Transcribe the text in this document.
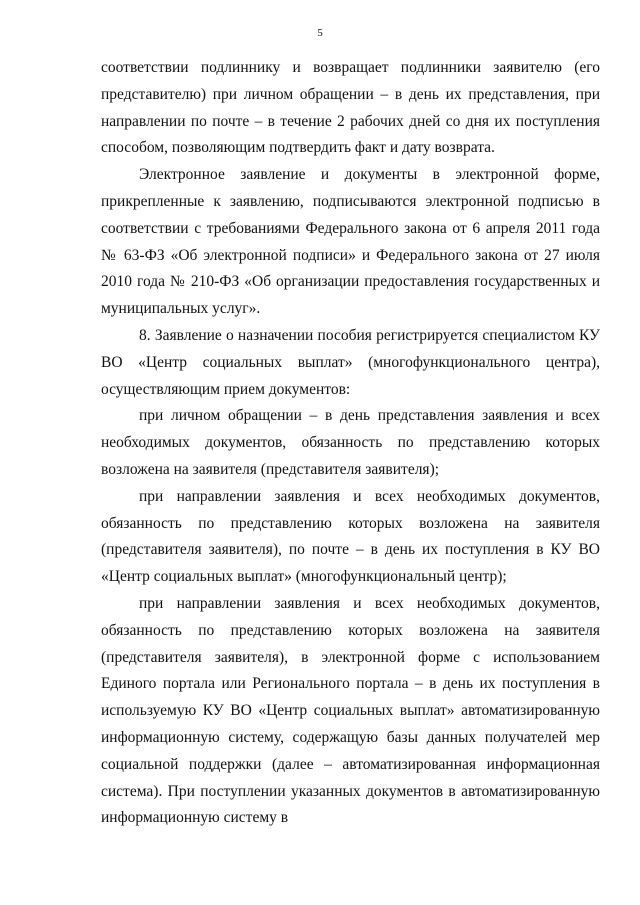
5

соответствии подлиннику и возвращает подлинники заявителю (его представителю) при личном обращении – в день их представления, при направлении по почте – в течение 2 рабочих дней со дня их поступления способом, позволяющим подтвердить факт и дату возврата.

Электронное заявление и документы в электронной форме, прикрепленные к заявлению, подписываются электронной подписью в соответствии с требованиями Федерального закона от 6 апреля 2011 года № 63-ФЗ «Об электронной подписи» и Федерального закона от 27 июля 2010 года № 210-ФЗ «Об организации предоставления государственных и муниципальных услуг».

8. Заявление о назначении пособия регистрируется специалистом КУ ВО «Центр социальных выплат» (многофункционального центра), осуществляющим прием документов:

при личном обращении – в день представления заявления и всех необходимых документов, обязанность по представлению которых возложена на заявителя (представителя заявителя);

при направлении заявления и всех необходимых документов, обязанность по представлению которых возложена на заявителя (представителя заявителя), по почте – в день их поступления в КУ ВО «Центр социальных выплат» (многофункциональный центр);

при направлении заявления и всех необходимых документов, обязанность по представлению которых возложена на заявителя (представителя заявителя), в электронной форме с использованием Единого портала или Регионального портала – в день их поступления в используемую КУ ВО «Центр социальных выплат» автоматизированную информационную систему, содержащую базы данных получателей мер социальной поддержки (далее – автоматизированная информационная система). При поступлении указанных документов в автоматизированную информационную систему в
